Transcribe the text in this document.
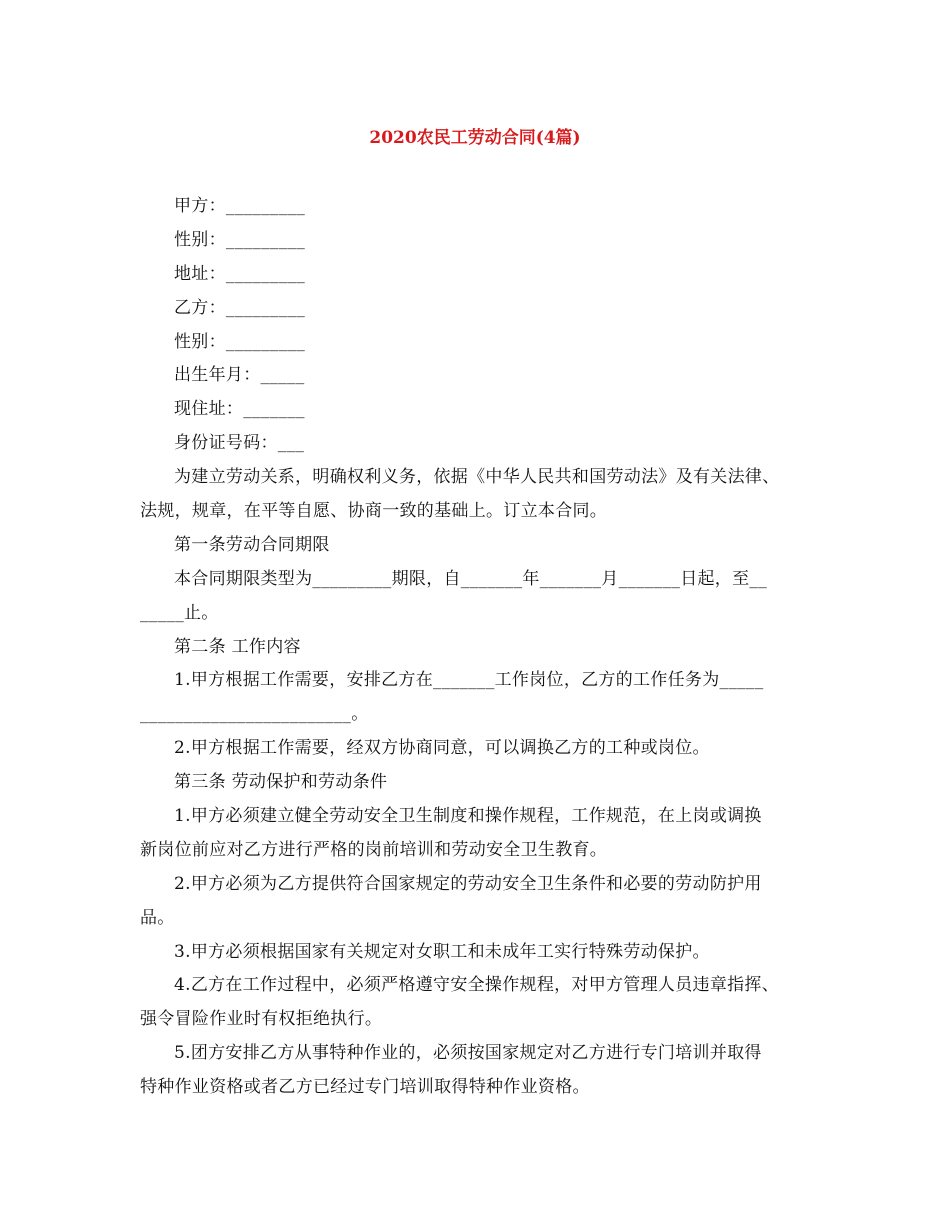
2020农民工劳动合同(4篇)
甲方：_________
性别：_________
地址：_________
乙方：_________
性别：_________
出生年月：_____
现住址：_______
身份证号码：___
为建立劳动关系，明确权利义务，依据《中华人民共和国劳动法》及有关法律、
法规，规章，在平等自愿、协商一致的基础上。订立本合同。
第一条劳动合同期限
本合同期限类型为_________期限，自_______年_______月_______日起，至__
_____止。
第二条 工作内容
1.甲方根据工作需要，安排乙方在_______工作岗位，乙方的工作任务为_____
________________________。
2.甲方根据工作需要，经双方协商同意，可以调换乙方的工种或岗位。
第三条 劳动保护和劳动条件
1.甲方必须建立健全劳动安全卫生制度和操作规程，工作规范，在上岗或调换
新岗位前应对乙方进行严格的岗前培训和劳动安全卫生教育。
2.甲方必须为乙方提供符合国家规定的劳动安全卫生条件和必要的劳动防护用
品。
3.甲方必须根据国家有关规定对女职工和未成年工实行特殊劳动保护。
4.乙方在工作过程中，必须严格遵守安全操作规程，对甲方管理人员违章指挥、
强令冒险作业时有权拒绝执行。
5.团方安排乙方从事特种作业的，必须按国家规定对乙方进行专门培训并取得
特种作业资格或者乙方已经过专门培训取得特种作业资格。
